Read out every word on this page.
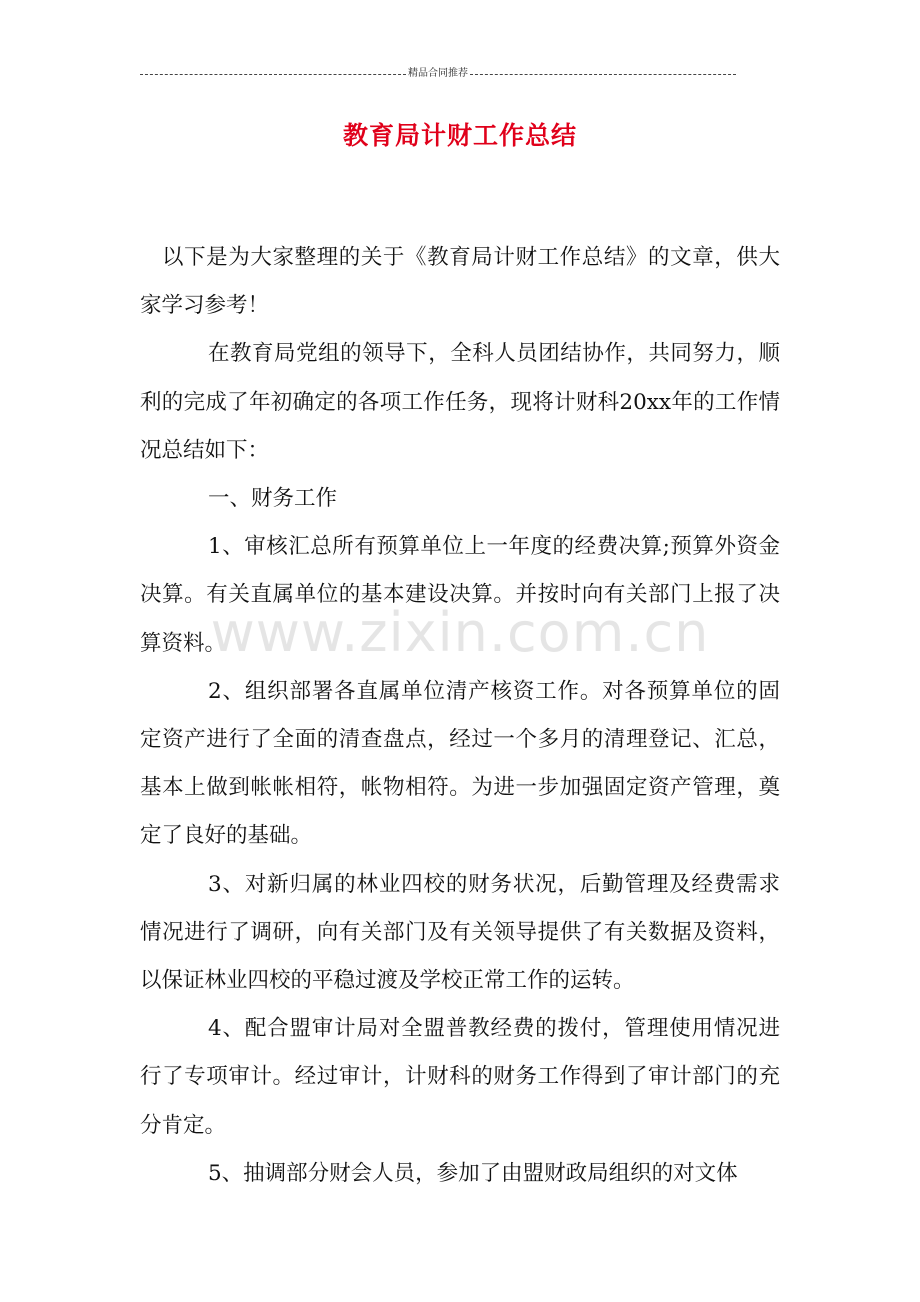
精品合同推荐
教育局计财工作总结

以下是为大家整理的关于《教育局计财工作总结》的文章，供大家学习参考！

在教育局党组的领导下，全科人员团结协作，共同努力，顺利的完成了年初确定的各项工作任务，现将计财科20xx年的工作情况总结如下：

一、财务工作

1、审核汇总所有预算单位上一年度的经费决算;预算外资金决算。有关直属单位的基本建设决算。并按时向有关部门上报了决算资料。

2、组织部署各直属单位清产核资工作。对各预算单位的固定资产进行了全面的清查盘点，经过一个多月的清理登记、汇总，基本上做到帐帐相符，帐物相符。为进一步加强固定资产管理，奠定了良好的基础。

3、对新归属的林业四校的财务状况，后勤管理及经费需求情况进行了调研，向有关部门及有关领导提供了有关数据及资料，以保证林业四校的平稳过渡及学校正常工作的运转。

4、配合盟审计局对全盟普教经费的拨付，管理使用情况进行了专项审计。经过审计，计财科的财务工作得到了审计部门的充分肯定。

5、抽调部分财会人员，参加了由盟财政局组织的对文体

www.zixin.com.cn
